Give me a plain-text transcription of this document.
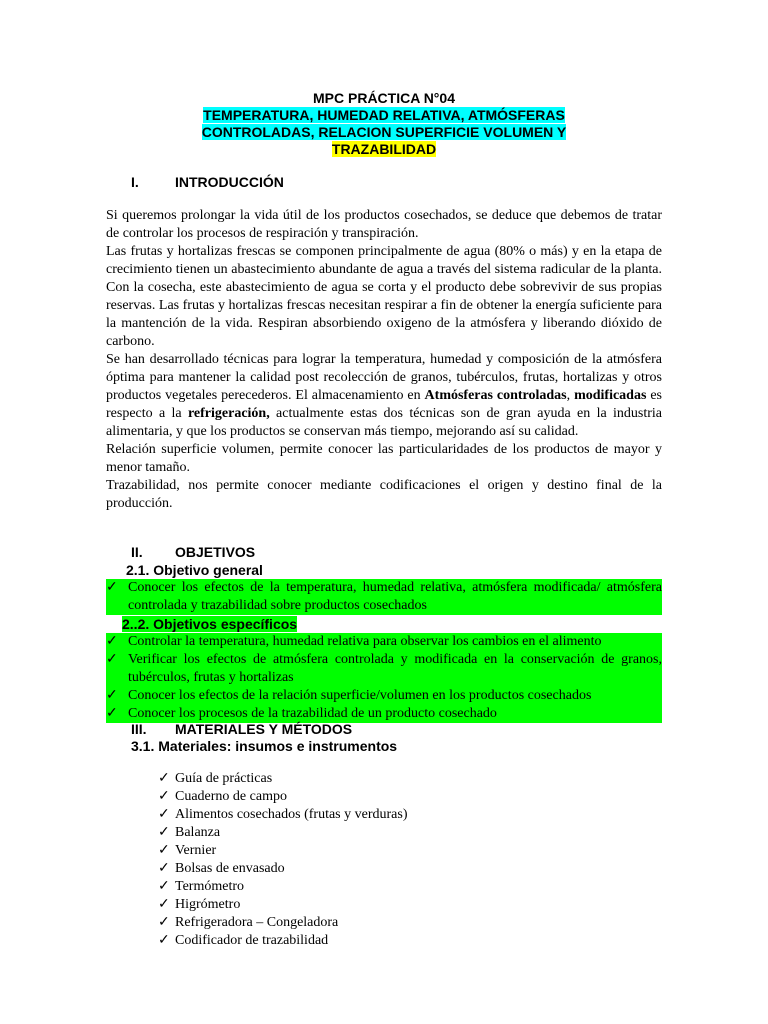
MPC PRÁCTICA N°04
TEMPERATURA, HUMEDAD RELATIVA, ATMÓSFERAS
CONTROLADAS, RELACION SUPERFICIE VOLUMEN Y
TRAZABILIDAD
I.	INTRODUCCIÓN

Si queremos prolongar la vida útil de los productos cosechados, se deduce que debemos de tratar de controlar los procesos de respiración y transpiración.

Las frutas y hortalizas frescas se componen principalmente de agua (80% o más) y en la etapa de crecimiento tienen un abastecimiento abundante de agua a través del sistema radicular de la planta. Con la cosecha, este abastecimiento de agua se corta y el producto debe sobrevivir de sus propias reservas. Las frutas y hortalizas frescas necesitan respirar a fin de obtener la energía suficiente para la mantención de la vida. Respiran absorbiendo oxigeno de la atmósfera y liberando dióxido de carbono.

Se han desarrollado técnicas para lograr la temperatura, humedad y composición de la atmósfera óptima para mantener la calidad post recolección de granos, tubérculos, frutas, hortalizas y otros productos vegetales perecederos. El almacenamiento en Atmósferas controladas, modificadas es respecto a la refrigeración, actualmente estas dos técnicas son de gran ayuda en la industria alimentaria, y que los productos se conservan más tiempo, mejorando así su calidad.

Relación superficie volumen, permite conocer las particularidades de los productos de mayor y menor tamaño.

Trazabilidad, nos permite conocer mediante codificaciones el origen y destino final de la producción.

II. OBJETIVOS
2.1. Objetivo general
✓ Conocer los efectos de la temperatura, humedad relativa, atmósfera modificada/ atmósfera controlada y trazabilidad sobre productos cosechados
2..2. Objetivos específicos
✓ Controlar la temperatura, humedad relativa para observar los cambios en el alimento
✓ Verificar los efectos de atmósfera controlada y modificada en la conservación de granos, tubérculos, frutas y hortalizas
✓ Conocer los efectos de la relación superficie/volumen en los productos cosechados
✓ Conocer los procesos de la trazabilidad de un producto cosechado
III. MATERIALES Y MÉTODOS
3.1. Materiales: insumos e instrumentos
✓ Guía de prácticas
✓ Cuaderno de campo
✓ Alimentos cosechados (frutas y verduras)
✓ Balanza
✓ Vernier
✓ Bolsas de envasado
✓ Termómetro
✓ Higrómetro
✓ Refrigeradora – Congeladora
✓ Codificador de trazabilidad
